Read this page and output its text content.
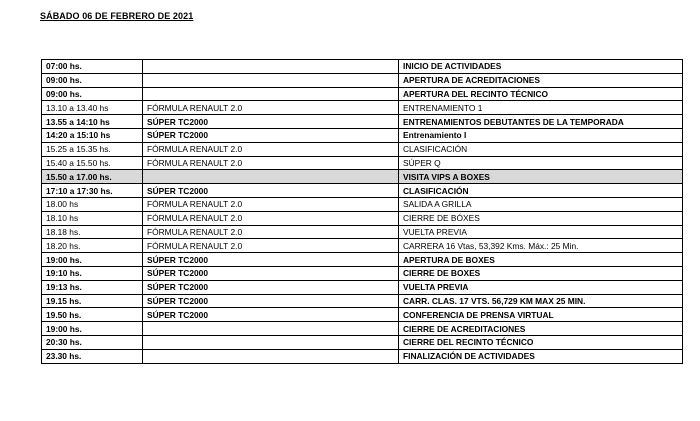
SÁBADO 06 DE FEBRERO DE 2021
07:00 hs.		INICIO DE ACTIVIDADES
09:00 hs.		APERTURA DE ACREDITACIONES
09:00 hs.		APERTURA DEL RECINTO TÉCNICO
13.10 a 13.40 hs	FÓRMULA RENAULT 2.0	ENTRENAMIENTO 1
13.55 a 14:10 hs	SÚPER TC2000	ENTRENAMIENTOS DEBUTANTES DE LA TEMPORADA
14:20 a 15:10 hs	SÚPER TC2000	Entrenamiento I
15.25 a 15.35 hs.	FÓRMULA RENAULT 2.0	CLASIFICACIÓN
15.40 a 15.50 hs.	FÓRMULA RENAULT 2.0	SÚPER Q
15.50 a 17.00 hs.		VISITA VIPS A BOXES
17:10 a 17:30 hs.	SÚPER TC2000	CLASIFICACIÓN
18.00 hs	FÓRMULA RENAULT 2.0	SALIDA A GRILLA
18.10 hs	FÓRMULA RENAULT 2.0	CIERRE DE BÓXES
18.18 hs.	FÓRMULA RENAULT 2.0	VUELTA PREVIA
18.20 hs.	FÓRMULA RENAULT 2.0	CARRERA 16 Vtas, 53,392 Kms. Máx.: 25 Min.
19:00 hs.	SÚPER TC2000	APERTURA DE BOXES
19:10 hs.	SÚPER TC2000	CIERRE DE BOXES
19:13 hs.	SÚPER TC2000	VUELTA PREVIA
19.15 hs.	SÚPER TC2000	CARR. CLAS. 17 VTS. 56,729 KM MAX 25 MIN.
19.50 hs.	SÚPER TC2000	CONFERENCIA DE PRENSA VIRTUAL
19:00 hs.		CIERRE DE ACREDITACIONES
20:30 hs.		CIERRE DEL RECINTO TÉCNICO
23.30 hs.		FINALIZACIÓN DE ACTIVIDADES
